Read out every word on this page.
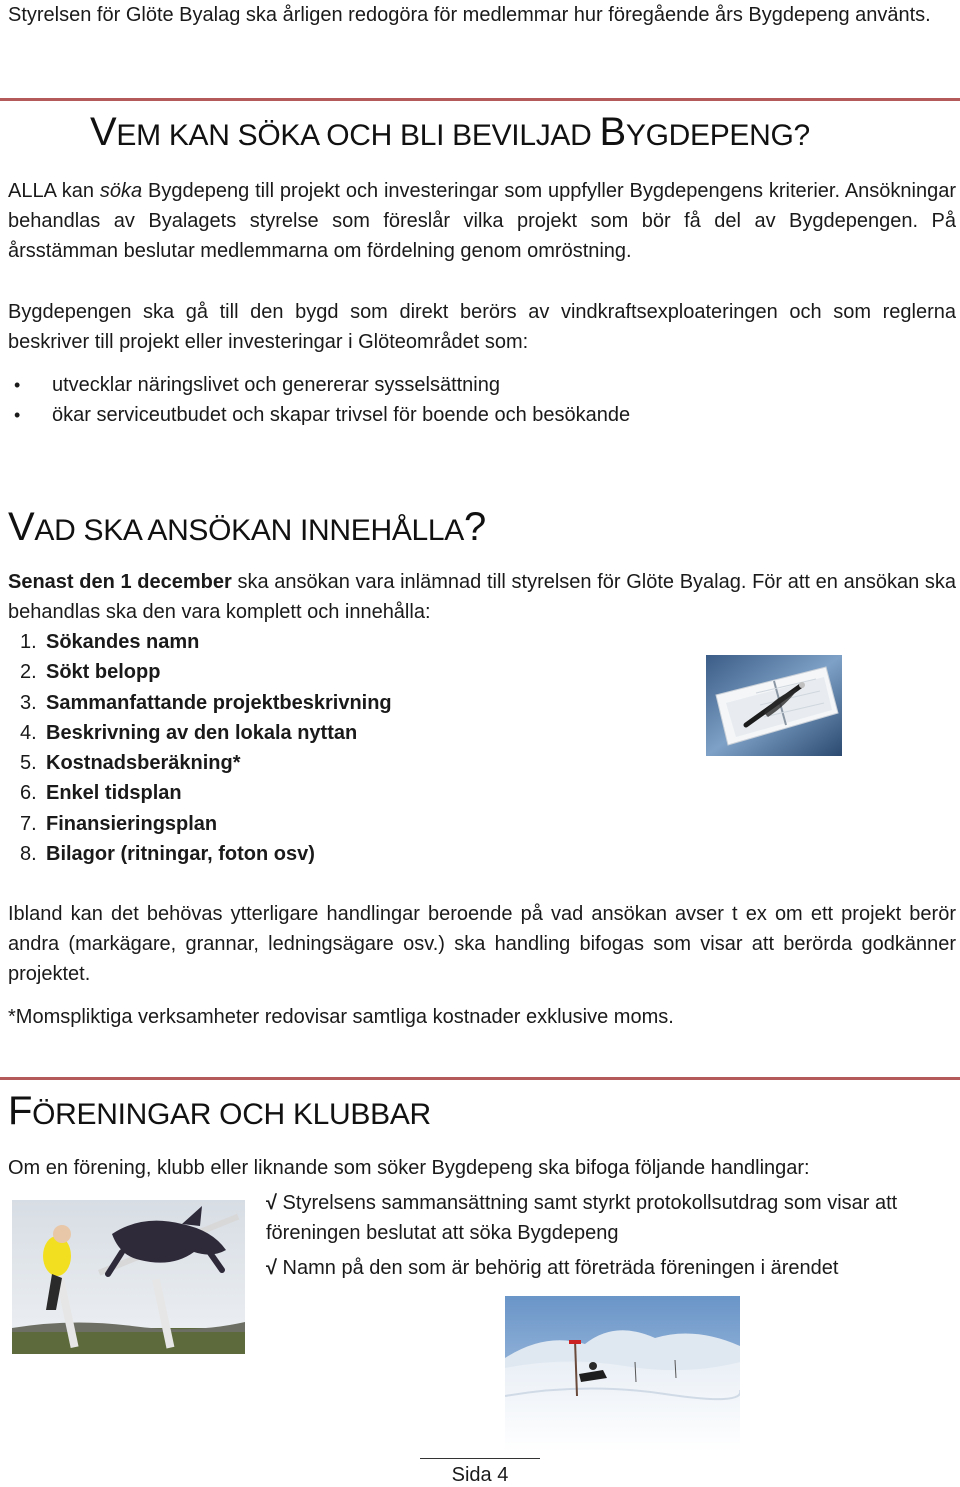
Styrelsen för Glöte Byalag ska årligen redogöra för medlemmar hur föregående års Bygdepeng använts.
VEM KAN SÖKA OCH BLI BEVILJAD BYGDEPENG?
ALLA kan söka Bygdepeng till projekt och investeringar som uppfyller Bygdepengens kriterier. Ansökningar behandlas av Byalagets styrelse som föreslår vilka projekt som bör få del av Bygdepengen. På årsstämman beslutar medlemmarna om fördelning genom omröstning.
Bygdepengen ska gå till den bygd som direkt berörs av vindkraftsexploateringen och som reglerna beskriver till projekt eller investeringar i Glöteområdet som:
• utvecklar näringslivet och genererar sysselsättning
• ökar serviceutbudet och skapar trivsel för boende och besökande
VAD SKA ANSÖKAN INNEHÅLLA?
Senast den 1 december ska ansökan vara inlämnad till styrelsen för Glöte Byalag. För att en ansökan ska behandlas ska den vara komplett och innehålla:
1. Sökandes namn
2. Sökt belopp
3. Sammanfattande projektbeskrivning
4. Beskrivning av den lokala nyttan
5. Kostnadsberäkning*
6. Enkel tidsplan
7. Finansieringsplan
8. Bilagor (ritningar, foton osv)
Ibland kan det behövas ytterligare handlingar beroende på vad ansökan avser t ex om ett projekt berör andra (markägare, grannar, ledningsägare osv.) ska handling bifogas som visar att berörda godkänner projektet.
*Momspliktiga verksamheter redovisar samtliga kostnader exklusive moms.
FÖRENINGAR OCH KLUBBAR
Om en förening, klubb eller liknande som söker Bygdepeng ska bifoga följande handlingar:
√ Styrelsens sammansättning samt styrkt protokollsutdrag som visar att föreningen beslutat att söka Bygdepeng
√ Namn på den som är behörig att företräda föreningen i ärendet
Sida 4
